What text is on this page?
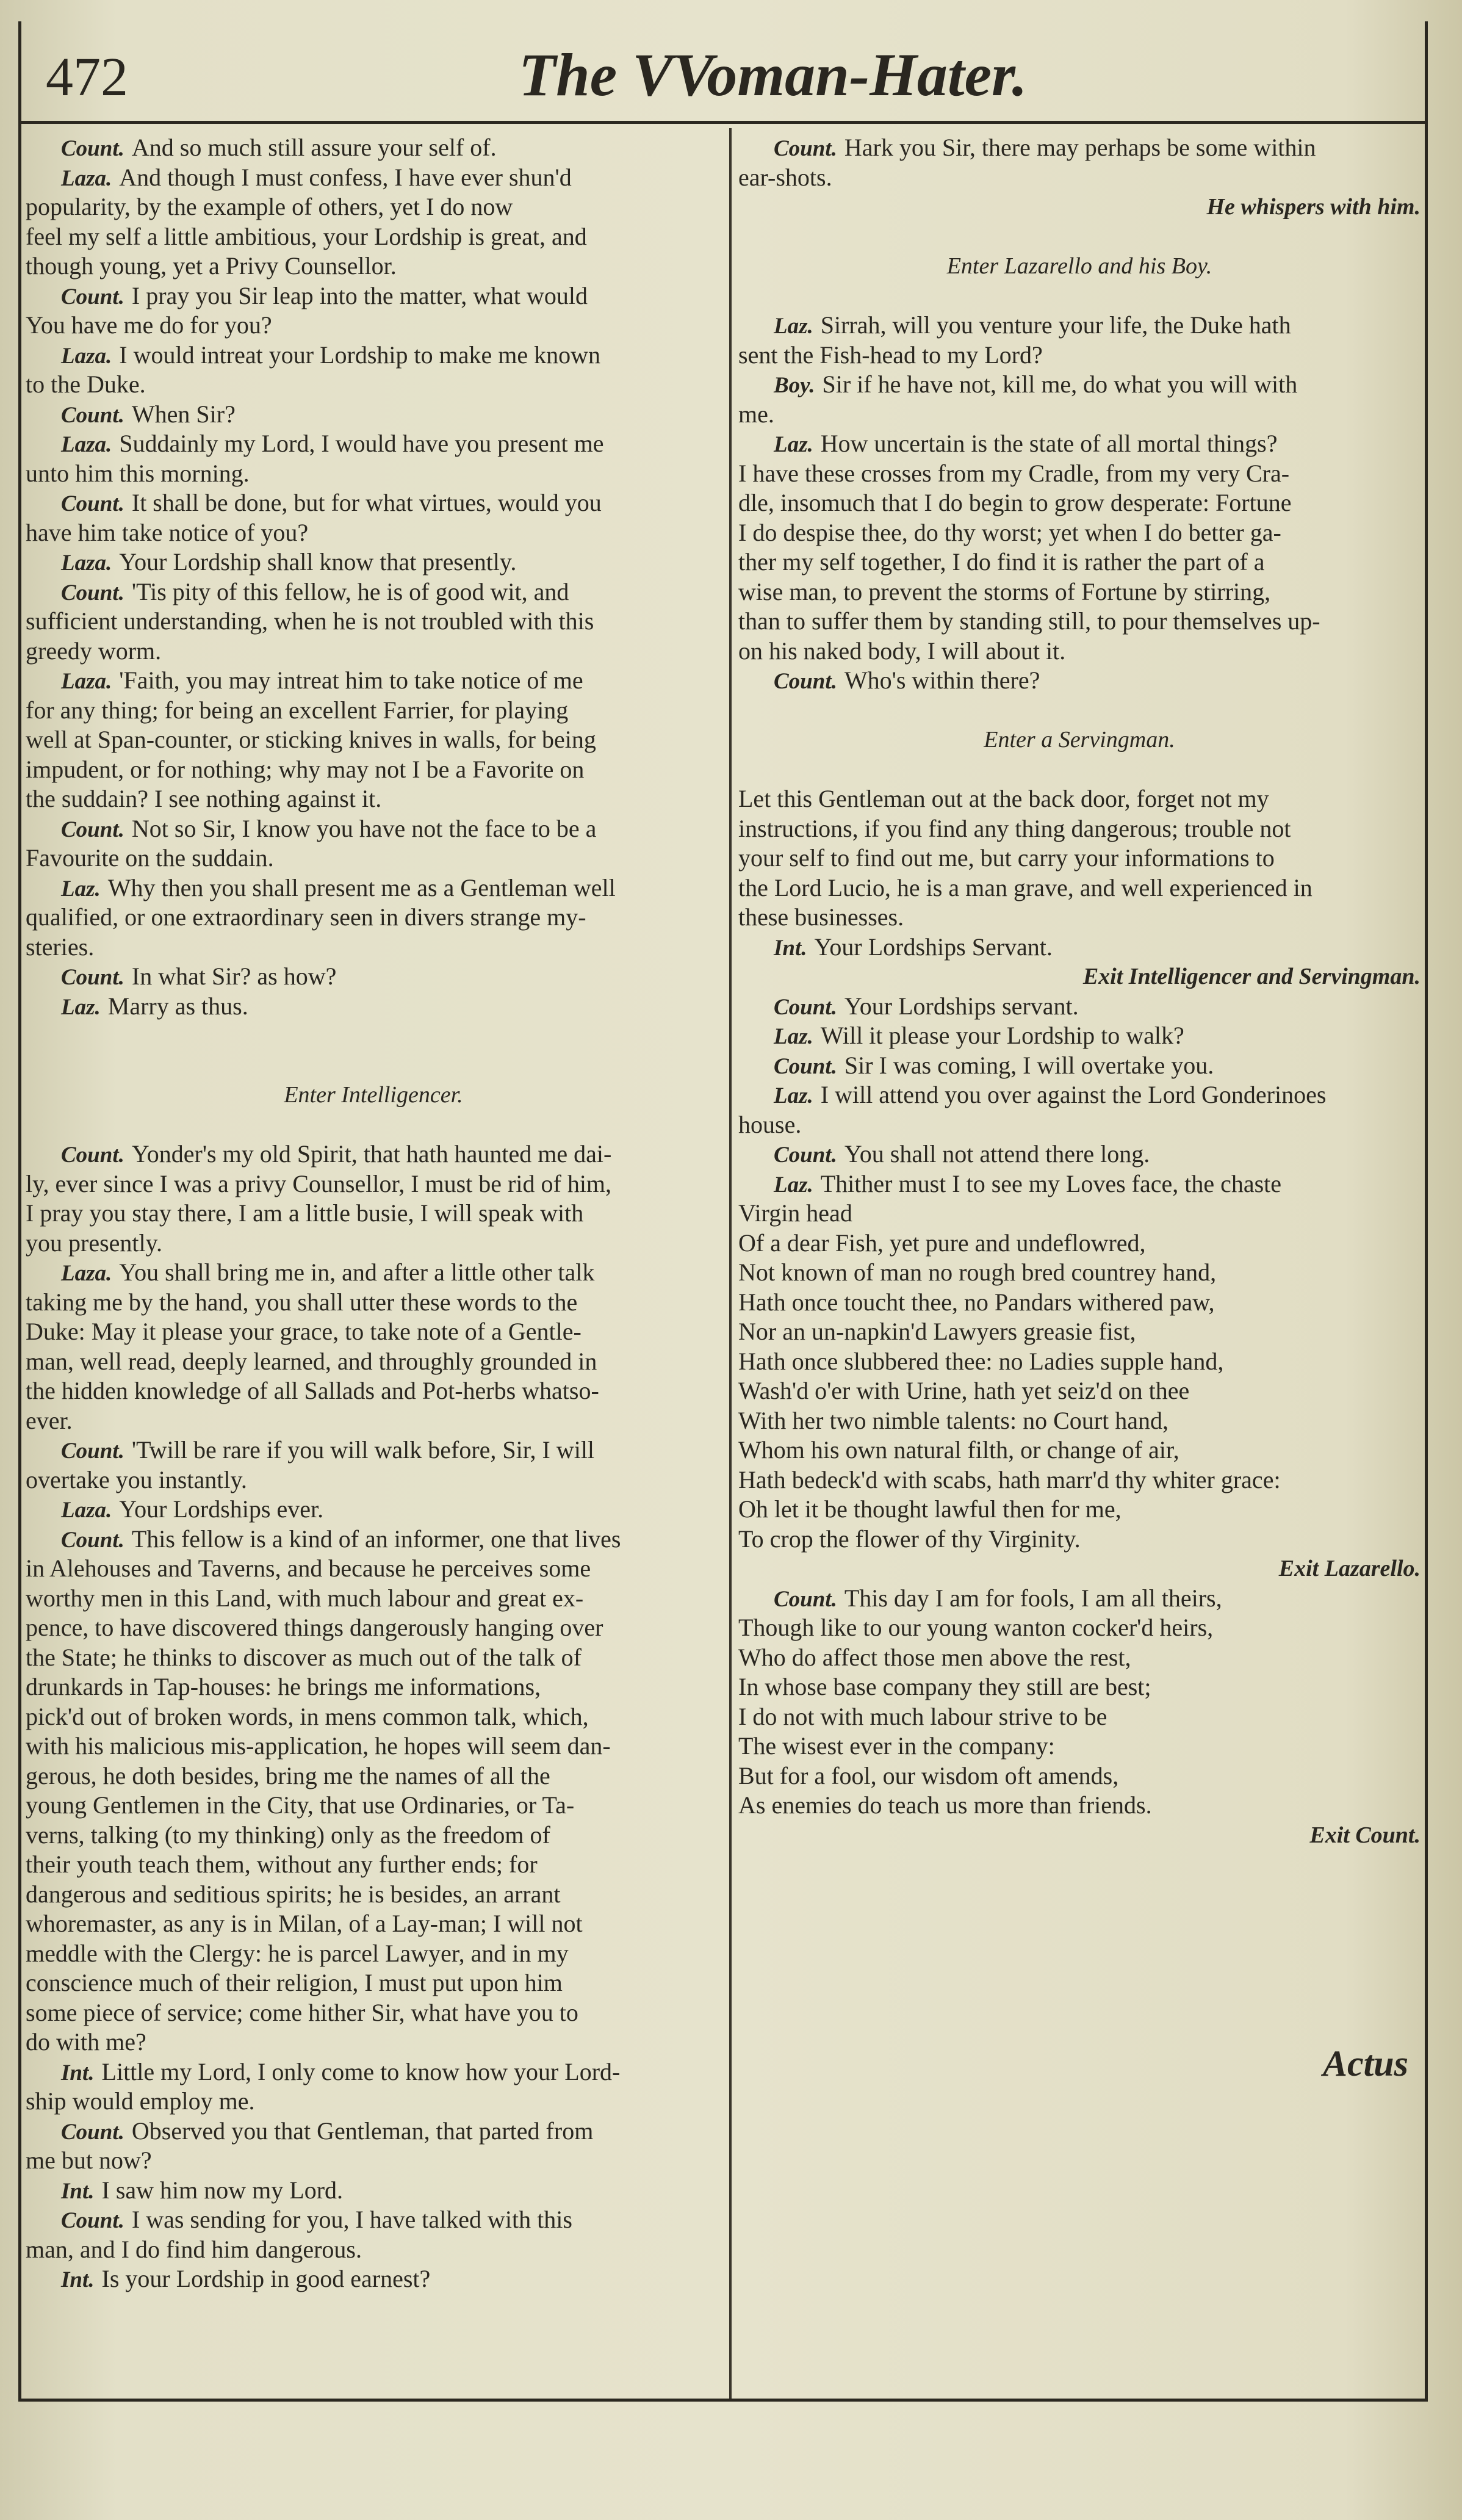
472	The VVoman-Hater.
Count. And so much still assure your self of.
Laza. And though I must confess, I have ever shun'd
popularity, by the example of others, yet I do now
feel my self a little ambitious, your Lordship is great, and
though young, yet a Privy Counsellor.
Count. I pray you Sir leap into the matter, what would
You have me do for you?
Laza. I would intreat your Lordship to make me known
to the Duke.
Count. When Sir?
Laza. Suddainly my Lord, I would have you present me
unto him this morning.
Count. It shall be done, but for what virtues, would you
have him take notice of you?
Laza. Your Lordship shall know that presently.
Count. 'Tis pity of this fellow, he is of good wit, and
sufficient understanding, when he is not troubled with this
greedy worm.
Laza. 'Faith, you may intreat him to take notice of me
for any thing; for being an excellent Farrier, for playing
well at Span-counter, or sticking knives in walls, for being
impudent, or for nothing; why may not I be a Favorite on
the suddain? I see nothing against it.
Count. Not so Sir, I know you have not the face to be a
Favourite on the suddain.
Laz. Why then you shall present me as a Gentleman well
qualified, or one extraordinary seen in divers strange my-
steries.
Count. In what Sir? as how?
Laz. Marry as thus.
Enter Intelligencer.
Count. Yonder's my old Spirit, that hath haunted me dai-
ly, ever since I was a privy Counsellor, I must be rid of him,
I pray you stay there, I am a little busie, I will speak with
you presently.
Laza. You shall bring me in, and after a little other talk
taking me by the hand, you shall utter these words to the
Duke: May it please your grace, to take note of a Gentle-
man, well read, deeply learned, and throughly grounded in
the hidden knowledge of all Sallads and Pot-herbs whatso-
ever.
Count. 'Twill be rare if you will walk before, Sir, I will
overtake you instantly.
Laza. Your Lordships ever.
Count. This fellow is a kind of an informer, one that lives
in Alehouses and Taverns, and because he perceives some
worthy men in this Land, with much labour and great ex-
pence, to have discovered things dangerously hanging over
the State; he thinks to discover as much out of the talk of
drunkards in Tap-houses: he brings me informations,
pick'd out of broken words, in mens common talk, which,
with his malicious mis-application, he hopes will seem dan-
gerous, he doth besides, bring me the names of all the
young Gentlemen in the City, that use Ordinaries, or Ta-
verns, talking (to my thinking) only as the freedom of
their youth teach them, without any further ends; for
dangerous and seditious spirits; he is besides, an arrant
whoremaster, as any is in Milan, of a Lay-man; I will not
meddle with the Clergy: he is parcel Lawyer, and in my
conscience much of their religion, I must put upon him
some piece of service; come hither Sir, what have you to
do with me?
Int. Little my Lord, I only come to know how your Lord-
ship would employ me.
Count. Observed you that Gentleman, that parted from
me but now?
Int. I saw him now my Lord.
Count. I was sending for you, I have talked with this
man, and I do find him dangerous.
Int. Is your Lordship in good earnest?
Count. Hark you Sir, there may perhaps be some within
ear-shots.
He whispers with him.
Enter Lazarello and his Boy.
Laz. Sirrah, will you venture your life, the Duke hath
sent the Fish-head to my Lord?
Boy. Sir if he have not, kill me, do what you will with
me.
Laz. How uncertain is the state of all mortal things?
I have these crosses from my Cradle, from my very Cra-
dle, insomuch that I do begin to grow desperate: Fortune
I do despise thee, do thy worst; yet when I do better ga-
ther my self together, I do find it is rather the part of a
wise man, to prevent the storms of Fortune by stirring,
than to suffer them by standing still, to pour themselves up-
on his naked body, I will about it.
Count. Who's within there?
Enter a Servingman.
Let this Gentleman out at the back door, forget not my
instructions, if you find any thing dangerous; trouble not
your self to find out me, but carry your informations to
the Lord Lucio, he is a man grave, and well experienced in
these businesses.
Int. Your Lordships Servant.
Exit Intelligencer and Servingman.
Count. Your Lordships servant.
Laz. Will it please your Lordship to walk?
Count. Sir I was coming, I will overtake you.
Laz. I will attend you over against the Lord Gonderinoes
house.
Count. You shall not attend there long.
Laz. Thither must I to see my Loves face, the chaste
Virgin head
Of a dear Fish, yet pure and undeflowred,
Not known of man no rough bred countrey hand,
Hath once toucht thee, no Pandars withered paw,
Nor an un-napkin'd Lawyers greasie fist,
Hath once slubbered thee: no Ladies supple hand,
Wash'd o'er with Urine, hath yet seiz'd on thee
With her two nimble talents: no Court hand,
Whom his own natural filth, or change of air,
Hath bedeck'd with scabs, hath marr'd thy whiter grace:
Oh let it be thought lawful then for me,
To crop the flower of thy Virginity.
Exit Lazarello.
Count. This day I am for fools, I am all theirs,
Though like to our young wanton cocker'd heirs,
Who do affect those men above the rest,
In whose base company they still are best;
I do not with much labour strive to be
The wisest ever in the company:
But for a fool, our wisdom oft amends,
As enemies do teach us more than friends.
Exit Count.
Actus
